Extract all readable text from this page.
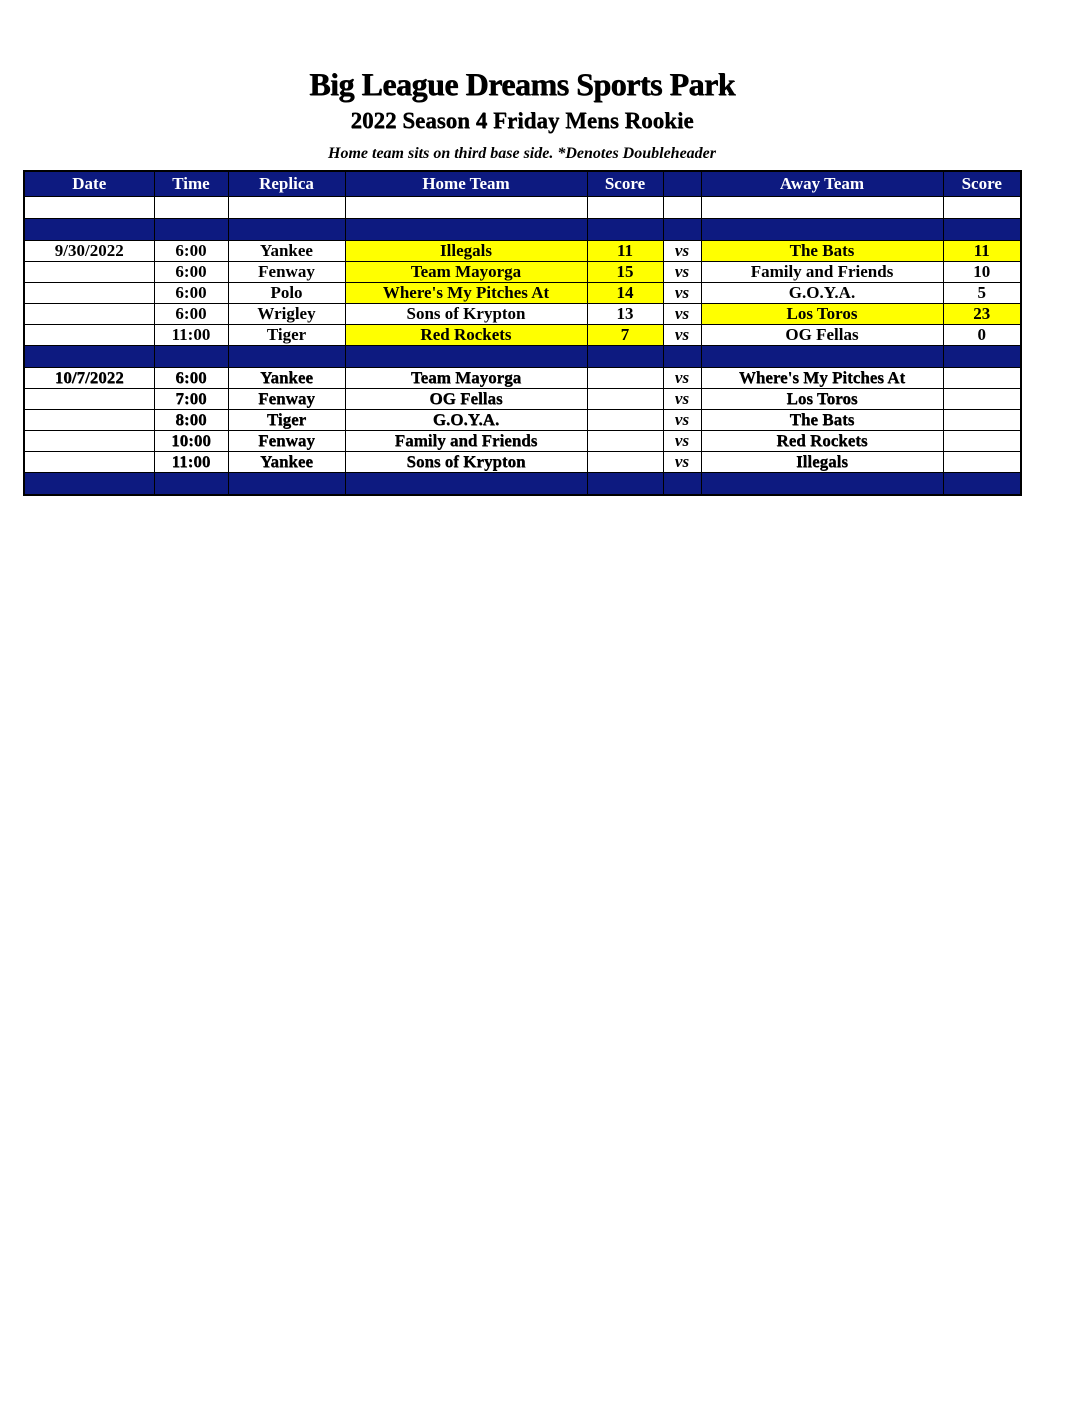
Big League Dreams Sports Park
2022 Season 4 Friday Mens Rookie
Home team sits on third base side. *Denotes Doubleheader
Date	Time	Replica	Home Team	Score		Away Team	Score

9/30/2022	6:00	Yankee	Illegals	11	vs	The Bats	11
	6:00	Fenway	Team Mayorga	15	vs	Family and Friends	10
	6:00	Polo	Where's My Pitches At	14	vs	G.O.Y.A.	5
	6:00	Wrigley	Sons of Krypton	13	vs	Los Toros	23
	11:00	Tiger	Red Rockets	7	vs	OG Fellas	0

10/7/2022	6:00	Yankee	Team Mayorga		vs	Where's My Pitches At	
	7:00	Fenway	OG Fellas		vs	Los Toros	
	8:00	Tiger	G.O.Y.A.		vs	The Bats	
	10:00	Fenway	Family and Friends		vs	Red Rockets	
	11:00	Yankee	Sons of Krypton		vs	Illegals	
